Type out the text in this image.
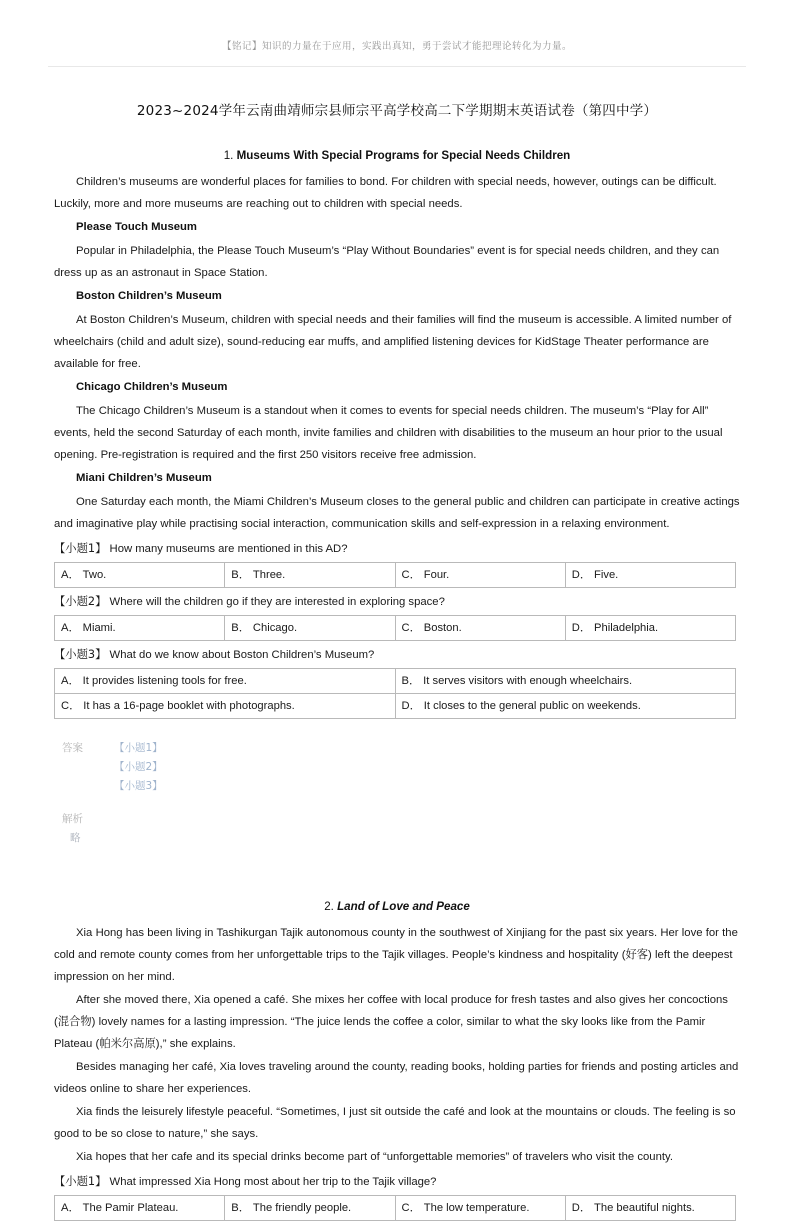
【铭记】知识的力量在于应用，实践出真知，勇于尝试才能把理论转化为力量。
2023~2024学年云南曲靖师宗县师宗平高学校高二下学期期末英语试卷（第四中学）
1. Museums With Special Programs for Special Needs Children

Children’s museums are wonderful places for families to bond. For children with special needs, however, outings can be difficult. Luckily, more and more museums are reaching out to children with special needs.

Please Touch Museum

Popular in Philadelphia, the Please Touch Museum’s “Play Without Boundaries” event is for special needs children, and they can dress up as an astronaut in Space Station.

Boston Children’s Museum

At Boston Children’s Museum, children with special needs and their families will find the museum is accessible. A limited number of wheelchairs (child and adult size), sound-reducing ear muffs, and amplified listening devices for KidStage Theater performance are available for free.

Chicago Children’s Museum

The Chicago Children’s Museum is a standout when it comes to events for special needs children. The museum’s “Play for All” events, held the second Saturday of each month, invite families and children with disabilities to the museum an hour prior to the usual opening. Pre-registration is required and the first 250 visitors receive free admission.

Miani Children’s Museum

One Saturday each month, the Miami Children’s Museum closes to the general public and children can participate in creative actings and imaginative play while practising social interaction, communication skills and self-expression in a relaxing environment.

【小题1】 How many museums are mentioned in this AD?
A． Two.	B． Three.	C． Four.	D． Five.
【小题2】 Where will the children go if they are interested in exploring space?
A． Miami.	B． Chicago.	C． Boston.	D． Philadelphia.
【小题3】 What do we know about Boston Children’s Museum?
A． It provides listening tools for free.	B． It serves visitors with enough wheelchairs.
C． It has a 16-page booklet with photographs.	D． It closes to the general public on weekends.
答案	【小题1】
【小题2】
【小题3】
解析
略
2. Land of Love and Peace

Xia Hong has been living in Tashikurgan Tajik autonomous county in the southwest of Xinjiang for the past six years. Her love for the cold and remote county comes from her unforgettable trips to the Tajik villages. People’s kindness and hospitality (好客) left the deepest impression on her mind.

After she moved there, Xia opened a café. She mixes her coffee with local produce for fresh tastes and also gives her concoctions (混合物) lovely names for a lasting impression. “The juice lends the coffee a color, similar to what the sky looks like from the Pamir Plateau (帕米尔高原),” she explains.

Besides managing her café, Xia loves traveling around the county, reading books, holding parties for friends and posting articles and videos online to share her experiences.

Xia finds the leisurely lifestyle peaceful. “Sometimes, I just sit outside the café and look at the mountains or clouds. The feeling is so good to be so close to nature,” she says.

Xia hopes that her cafe and its special drinks become part of “unforgettable memories” of travelers who visit the county.

【小题1】 What impressed Xia Hong most about her trip to the Tajik village?
A． The Pamir Plateau.	B． The friendly people.	C． The low temperature.	D． The beautiful nights.
